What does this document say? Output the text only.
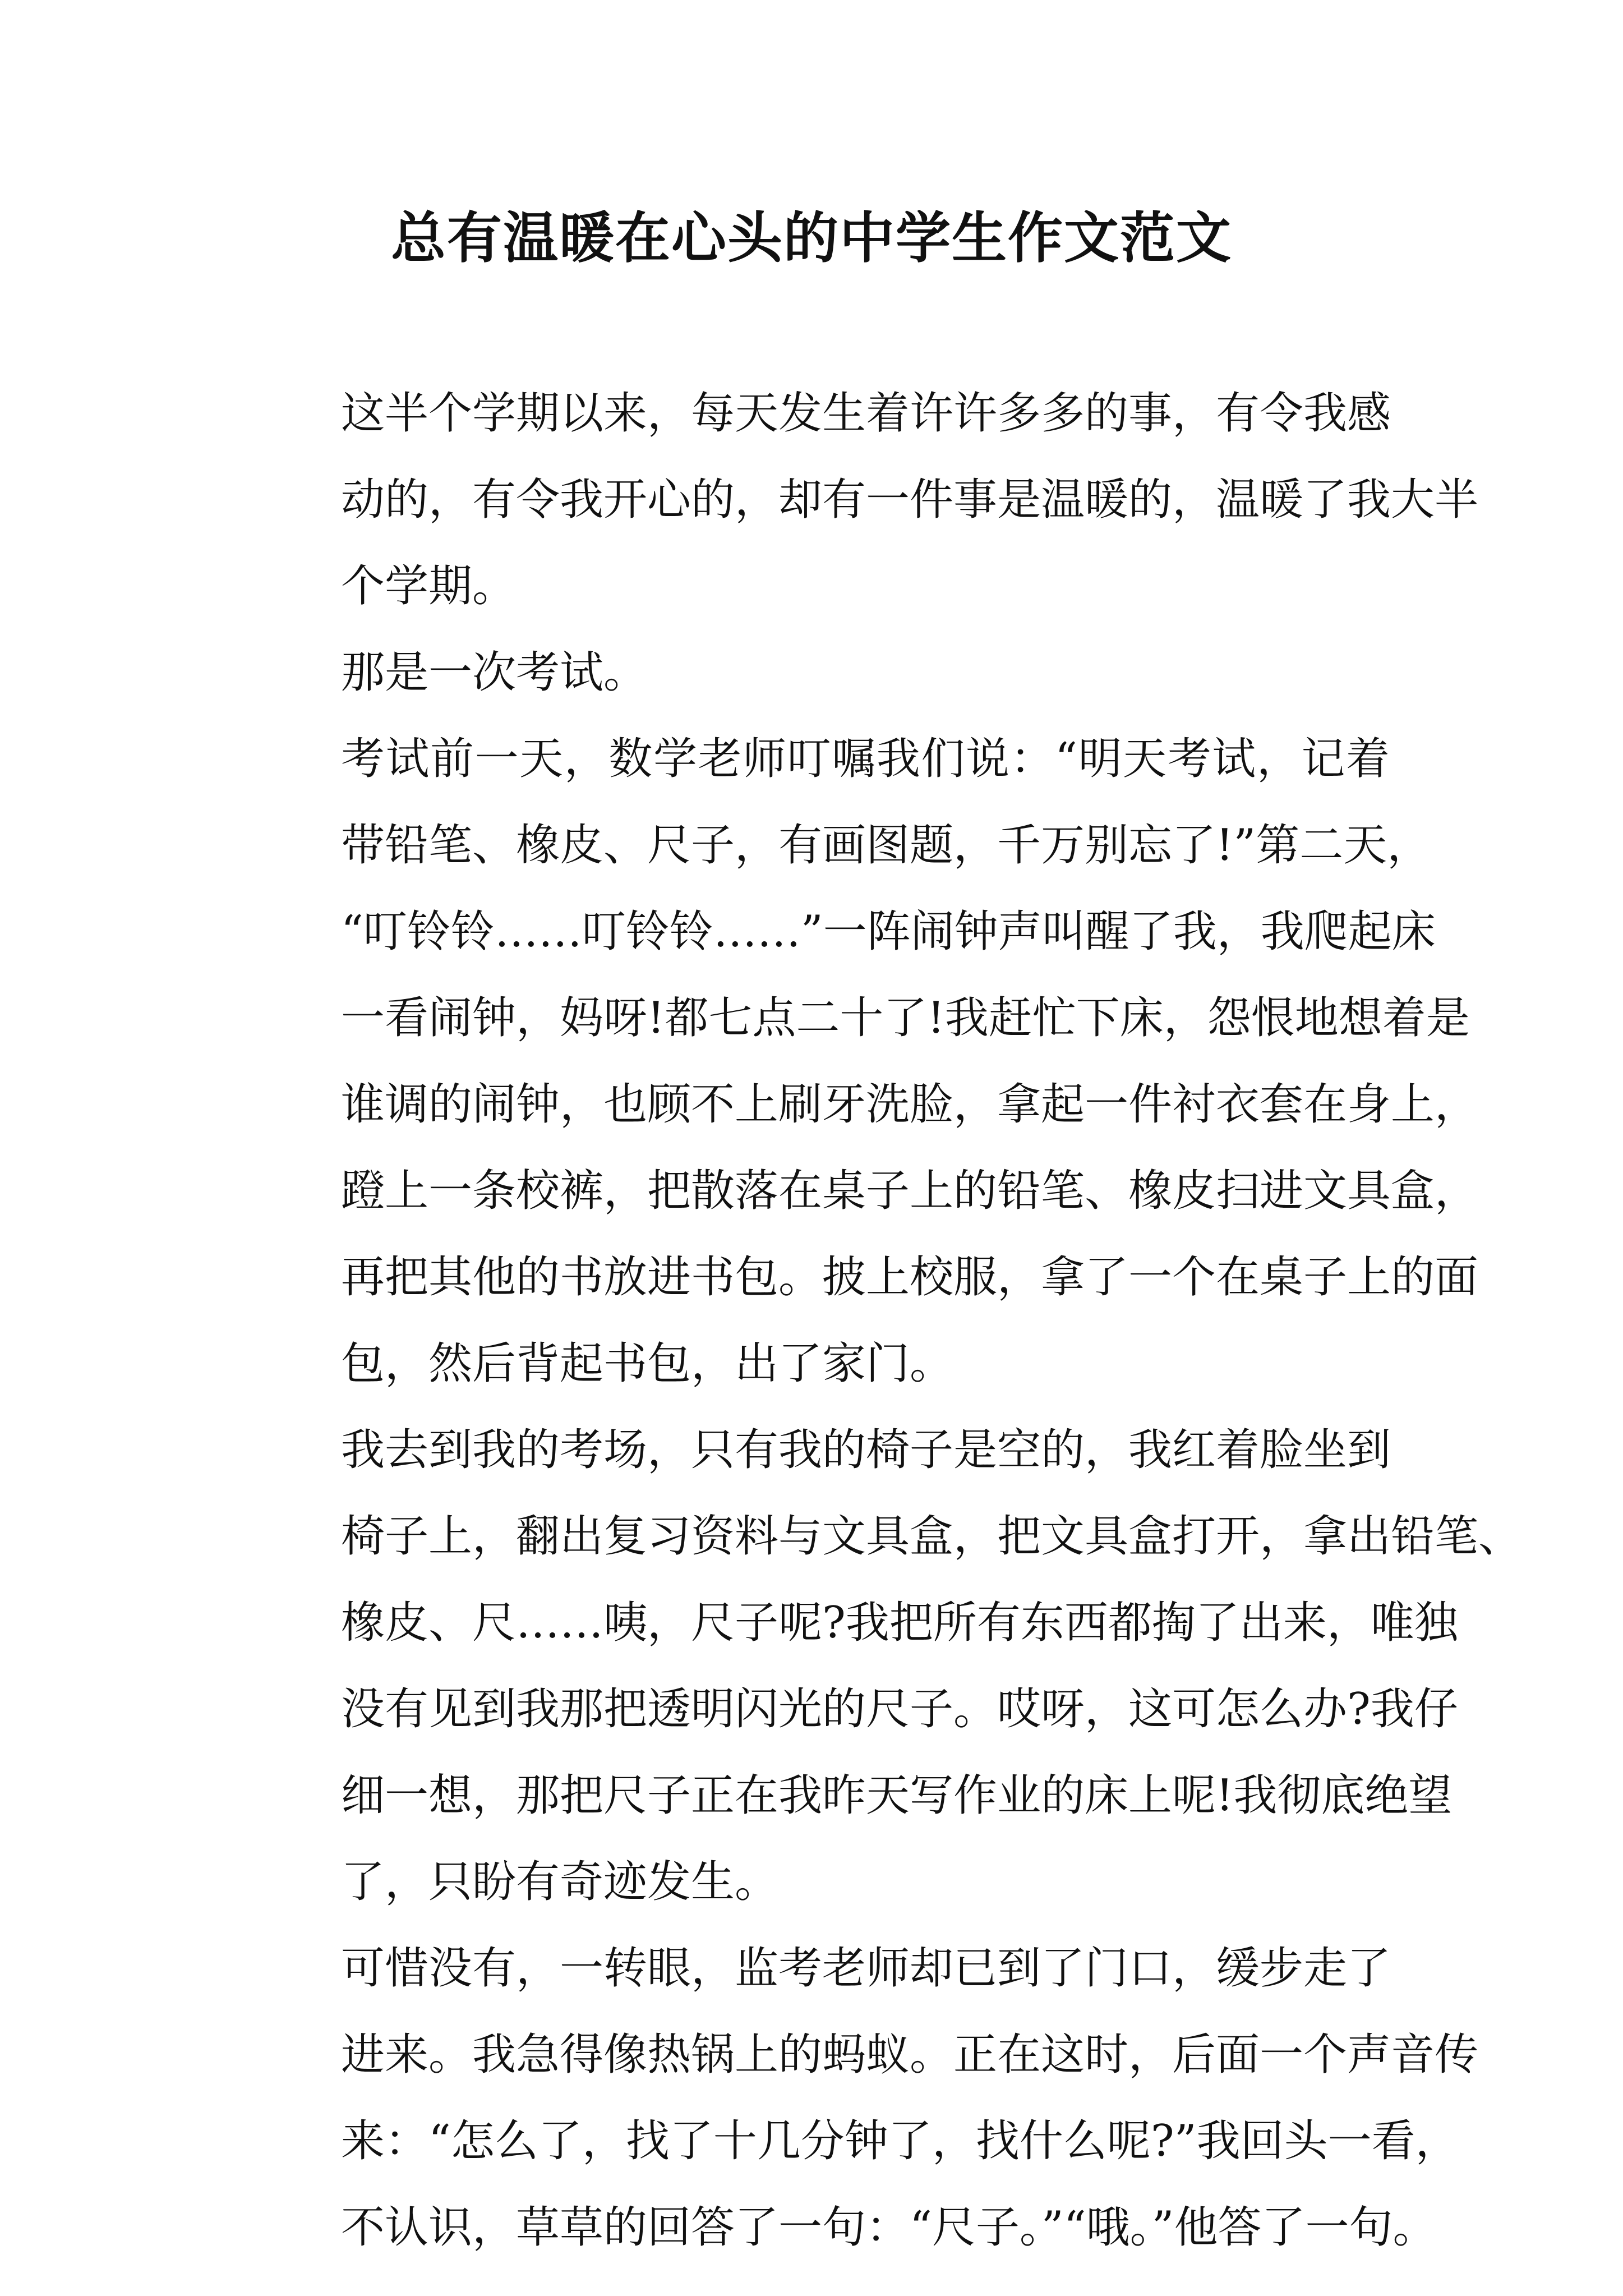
总有温暖在心头的中学生作文范文

这半个学期以来，每天发生着许许多多的事，有令我感
动的，有令我开心的，却有一件事是温暖的，温暖了我大半
个学期。

那是一次考试。

考试前一天，数学老师叮嘱我们说：“明天考试，记着
带铅笔、橡皮、尺子，有画图题，千万别忘了!”第二天，
“叮铃铃……叮铃铃……”一阵闹钟声叫醒了我，我爬起床
一看闹钟，妈呀!都七点二十了!我赶忙下床，怨恨地想着是
谁调的闹钟，也顾不上刷牙洗脸，拿起一件衬衣套在身上，
蹬上一条校裤，把散落在桌子上的铅笔、橡皮扫进文具盒，
再把其他的书放进书包。披上校服，拿了一个在桌子上的面
包，然后背起书包，出了家门。

我去到我的考场，只有我的椅子是空的，我红着脸坐到
椅子上，翻出复习资料与文具盒，把文具盒打开，拿出铅笔、
橡皮、尺……咦，尺子呢?我把所有东西都掏了出来，唯独
没有见到我那把透明闪光的尺子。哎呀，这可怎么办?我仔
细一想，那把尺子正在我昨天写作业的床上呢!我彻底绝望
了，只盼有奇迹发生。

可惜没有，一转眼，监考老师却已到了门口，缓步走了
进来。我急得像热锅上的蚂蚁。正在这时，后面一个声音传
来：“怎么了，找了十几分钟了，找什么呢?”我回头一看，
不认识，草草的回答了一句：“尺子。”“哦。”他答了一句。
